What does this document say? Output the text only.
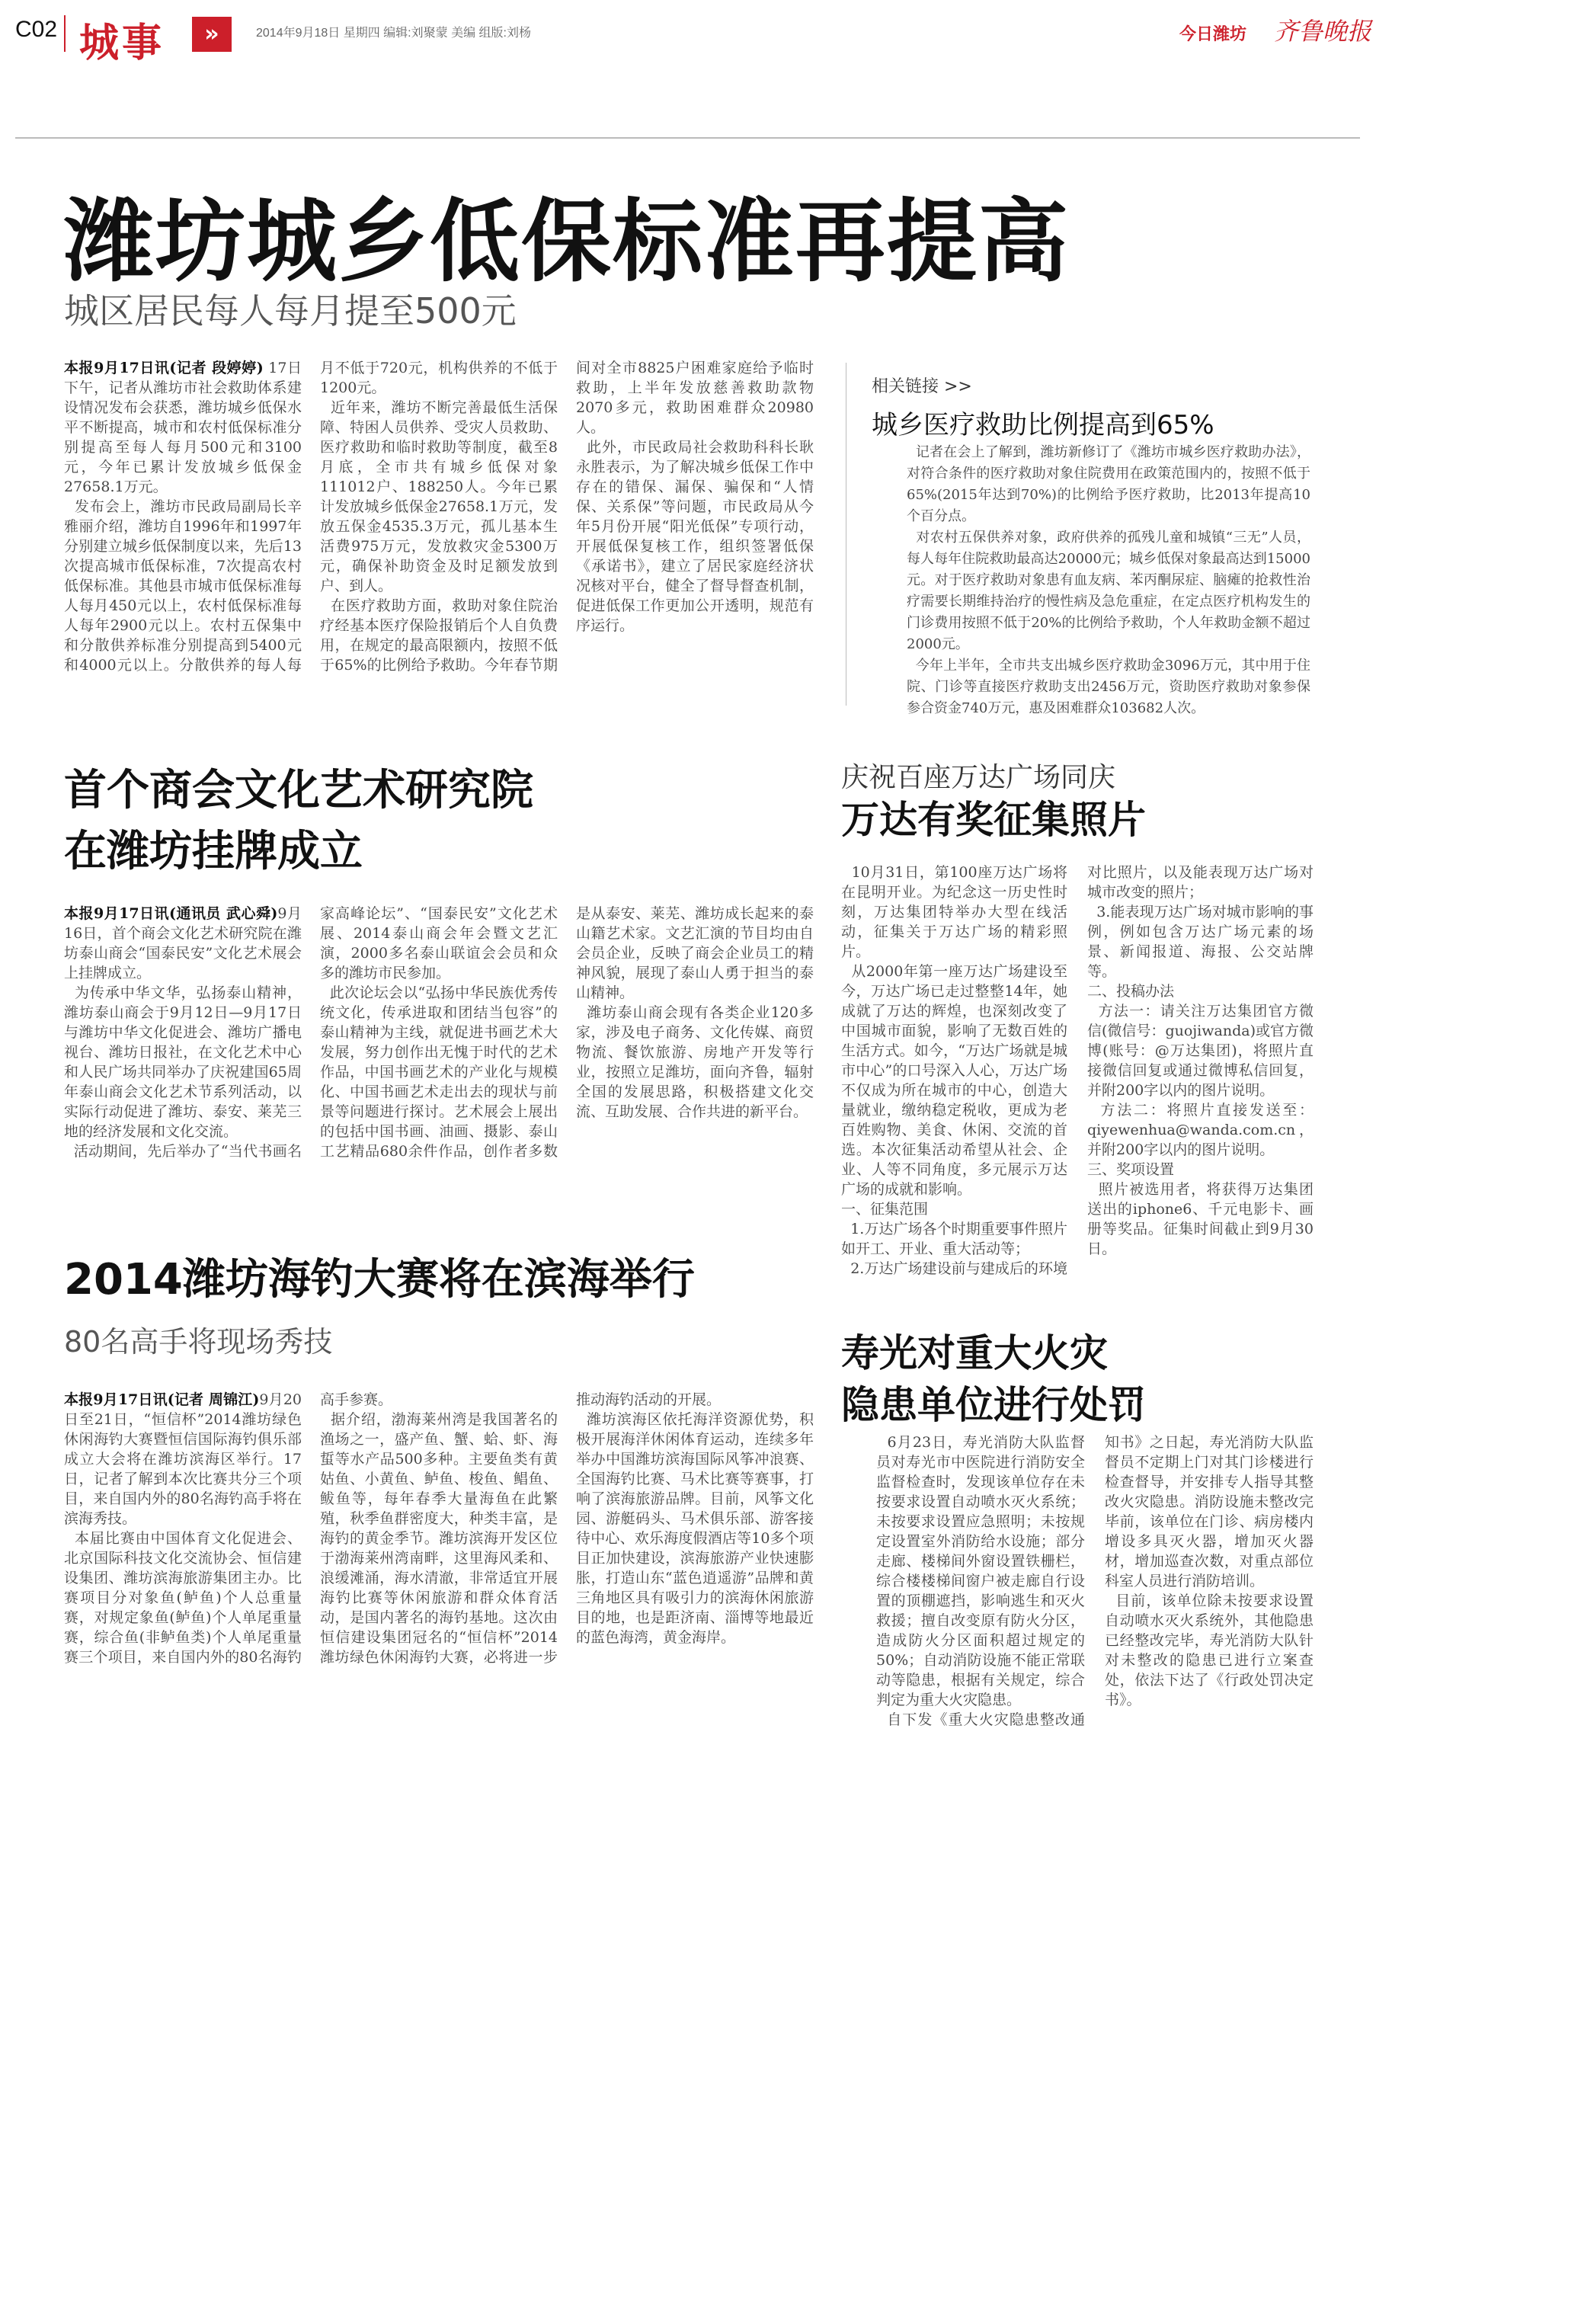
C02 城事	»	2014年9月18日 星期四 编辑:刘聚蒙 美编 组版:刘杨	今日潍坊 齐鲁晚报
潍坊城乡低保标准再提高
城区居民每人每月提至500元
本报9月17日讯(记者 段婷婷) 17日下午，记者从潍坊市社会救助体系建设情况发布会获悉，潍坊城乡低保水平不断提高，城市和农村低保标准分别提高至每人每月500元和3100元，今年已累计发放城乡低保金27658.1万元。
发布会上，潍坊市民政局副局长辛雅丽介绍，潍坊自1996年和1997年分别建立城乡低保制度以来，先后13次提高城市低保标准，7次提高农村低保标准。其他县市城市低保标准每人每月450元以上，农村低保标准每人每年2900元以上。农村五保集中和分散供养标准分别提高到5400元和4000元以上。分散供养的每人每月不低于720元，机构供养的不低于1200元。
近年来，潍坊不断完善最低生活保障、特困人员供养、受灾人员救助、医疗救助和临时救助等制度，截至8月底，全市共有城乡低保对象111012户、188250人。今年已累计发放城乡低保金27658.1万元，发放五保金4535.3万元，孤儿基本生活费975万元，发放救灾金5300万元，确保补助资金及时足额发放到户、到人。
在医疗救助方面，救助对象住院治疗经基本医疗保险报销后个人自负费用，在规定的最高限额内，按照不低于65%的比例给予救助。今年春节期间对全市8825户困难家庭给予临时救助，上半年发放慈善救助款物2070多元，救助困难群众20980人。
此外，市民政局社会救助科科长耿永胜表示，为了解决城乡低保工作中存在的错保、漏保、骗保和“人情保、关系保”等问题，市民政局从今年5月份开展“阳光低保”专项行动，开展低保复核工作，组织签署低保《承诺书》，建立了居民家庭经济状况核对平台，健全了督导督查机制，促进低保工作更加公开透明，规范有序运行。
相关链接 >>
城乡医疗救助比例提高到65%
记者在会上了解到，潍坊新修订了《潍坊市城乡医疗救助办法》，对符合条件的医疗救助对象住院费用在政策范围内的，按照不低于65%(2015年达到70%)的比例给予医疗救助，比2013年提高10个百分点。
对农村五保供养对象，政府供养的孤残儿童和城镇“三无”人员，每人每年住院救助最高达20000元；城乡低保对象最高达到15000元。对于医疗救助对象患有血友病、苯丙酮尿症、脑瘫的抢救性治疗需要长期维持治疗的慢性病及急危重症，在定点医疗机构发生的门诊费用按照不低于20%的比例给予救助，个人年救助金额不超过2000元。
今年上半年，全市共支出城乡医疗救助金3096万元，其中用于住院、门诊等直接医疗救助支出2456万元，资助医疗救助对象参保参合资金740万元，惠及困难群众103682人次。
首个商会文化艺术研究院
在潍坊挂牌成立
本报9月17日讯(通讯员 武心舜)9月16日，首个商会文化艺术研究院在潍坊泰山商会“国泰民安”文化艺术展会上挂牌成立。
为传承中华文华，弘扬泰山精神，潍坊泰山商会于9月12日—9月17日与潍坊中华文化促进会、潍坊广播电视台、潍坊日报社，在文化艺术中心和人民广场共同举办了庆祝建国65周年泰山商会文化艺术节系列活动，以实际行动促进了潍坊、泰安、莱芜三地的经济发展和文化交流。
活动期间，先后举办了“当代书画名家高峰论坛”、“国泰民安”文化艺术展、2014泰山商会年会暨文艺汇演，2000多名泰山联谊会会员和众多的潍坊市民参加。
此次论坛会以“弘扬中华民族优秀传统文化，传承进取和团结当包容”的泰山精神为主线，就促进书画艺术大发展，努力创作出无愧于时代的艺术作品，中国书画艺术的产业化与规模化、中国书画艺术走出去的现状与前景等问题进行探讨。艺术展会上展出的包括中国书画、油画、摄影、泰山工艺精品680余件作品，创作者多数是从泰安、莱芜、潍坊成长起来的泰山籍艺术家。文艺汇演的节目均由自会员企业，反映了商会企业员工的精神风貌，展现了泰山人勇于担当的泰山精神。
潍坊泰山商会现有各类企业120多家，涉及电子商务、文化传媒、商贸物流、餐饮旅游、房地产开发等行业，按照立足潍坊，面向齐鲁，辐射全国的发展思路，积极搭建文化交流、互助发展、合作共进的新平台。
2014潍坊海钓大赛将在滨海举行
80名高手将现场秀技
本报9月17日讯(记者 周锦江)9月20日至21日，“恒信杯”2014潍坊绿色休闲海钓大赛暨恒信国际海钓俱乐部成立大会将在潍坊滨海区举行。17日，记者了解到本次比赛共分三个项目，来自国内外的80名海钓高手将在滨海秀技。
本届比赛由中国体育文化促进会、北京国际科技文化交流协会、恒信建设集团、潍坊滨海旅游集团主办。比赛项目分对象鱼(鲈鱼)个人总重量赛，对规定象鱼(鲈鱼)个人单尾重量赛，综合鱼(非鲈鱼类)个人单尾重量赛三个项目，来自国内外的80名海钓高手参赛。
据介绍，渤海莱州湾是我国著名的渔场之一，盛产鱼、蟹、蛤、虾、海蜇等水产品500多种。主要鱼类有黄姑鱼、小黄鱼、鲈鱼、梭鱼、鲳鱼、鲅鱼等，每年春季大量海鱼在此繁殖，秋季鱼群密度大，种类丰富，是海钓的黄金季节。潍坊滨海开发区位于渤海莱州湾南畔，这里海风柔和、浪缓滩涌，海水清澈，非常适宜开展海钓比赛等休闲旅游和群众体育活动，是国内著名的海钓基地。这次由恒信建设集团冠名的“恒信杯”2014潍坊绿色休闲海钓大赛，必将进一步推动海钓活动的开展。
潍坊滨海区依托海洋资源优势，积极开展海洋休闲体育运动，连续多年举办中国潍坊滨海国际风筝冲浪赛、全国海钓比赛、马术比赛等赛事，打响了滨海旅游品牌。目前，风筝文化园、游艇码头、马术俱乐部、游客接待中心、欢乐海度假酒店等10多个项目正加快建设，滨海旅游产业快速膨胀，打造山东“蓝色逍遥游”品牌和黄三角地区具有吸引力的滨海休闲旅游目的地，也是距济南、淄博等地最近的蓝色海湾，黄金海岸。
庆祝百座万达广场同庆
万达有奖征集照片
10月31日，第100座万达广场将在昆明开业。为纪念这一历史性时刻，万达集团特举办大型在线活动，征集关于万达广场的精彩照片。
从2000年第一座万达广场建设至今，万达广场已走过整整14年，她成就了万达的辉煌，也深刻改变了中国城市面貌，影响了无数百姓的生活方式。如今，“万达广场就是城市中心”的口号深入人心，万达广场不仅成为所在城市的中心，创造大量就业，缴纳稳定税收，更成为老百姓购物、美食、休闲、交流的首选。本次征集活动希望从社会、企业、人等不同角度，多元展示万达广场的成就和影响。
一、征集范围
1.万达广场各个时期重要事件照片如开工、开业、重大活动等；
2.万达广场建设前与建成后的环境对比照片，以及能表现万达广场对城市改变的照片；
3.能表现万达广场对城市影响的事例，例如包含万达广场元素的场景、新闻报道、海报、公交站牌等。
二、投稿办法
方法一：请关注万达集团官方微信(微信号：guojiwanda)或官方微博(账号：@万达集团)，将照片直接微信回复或通过微博私信回复，并附200字以内的图片说明。
方法二：将照片直接发送至：qiyewenhua@wanda.com.cn，并附200字以内的图片说明。
三、奖项设置
照片被选用者，将获得万达集团送出的iphone6、千元电影卡、画册等奖品。征集时间截止到9月30日。
寿光对重大火灾
隐患单位进行处罚
6月23日，寿光消防大队监督员对寿光市中医院进行消防安全监督检查时，发现该单位存在未按要求设置自动喷水灭火系统；未按要求设置应急照明；未按规定设置室外消防给水设施；部分走廊、楼梯间外窗设置铁栅栏，综合楼楼梯间窗户被走廊自行设置的顶棚遮挡，影响逃生和灭火救援；擅自改变原有防火分区，造成防火分区面积超过规定的50%；自动消防设施不能正常联动等隐患，根据有关规定，综合判定为重大火灾隐患。
自下发《重大火灾隐患整改通知书》之日起，寿光消防大队监督员不定期上门对其门诊楼进行检查督导，并安排专人指导其整改火灾隐患。消防设施未整改完毕前，该单位在门诊、病房楼内增设多具灭火器，增加灭火器材，增加巡查次数，对重点部位科室人员进行消防培训。
目前，该单位除未按要求设置自动喷水灭火系统外，其他隐患已经整改完毕，寿光消防大队针对未整改的隐患已进行立案查处，依法下达了《行政处罚决定书》。
